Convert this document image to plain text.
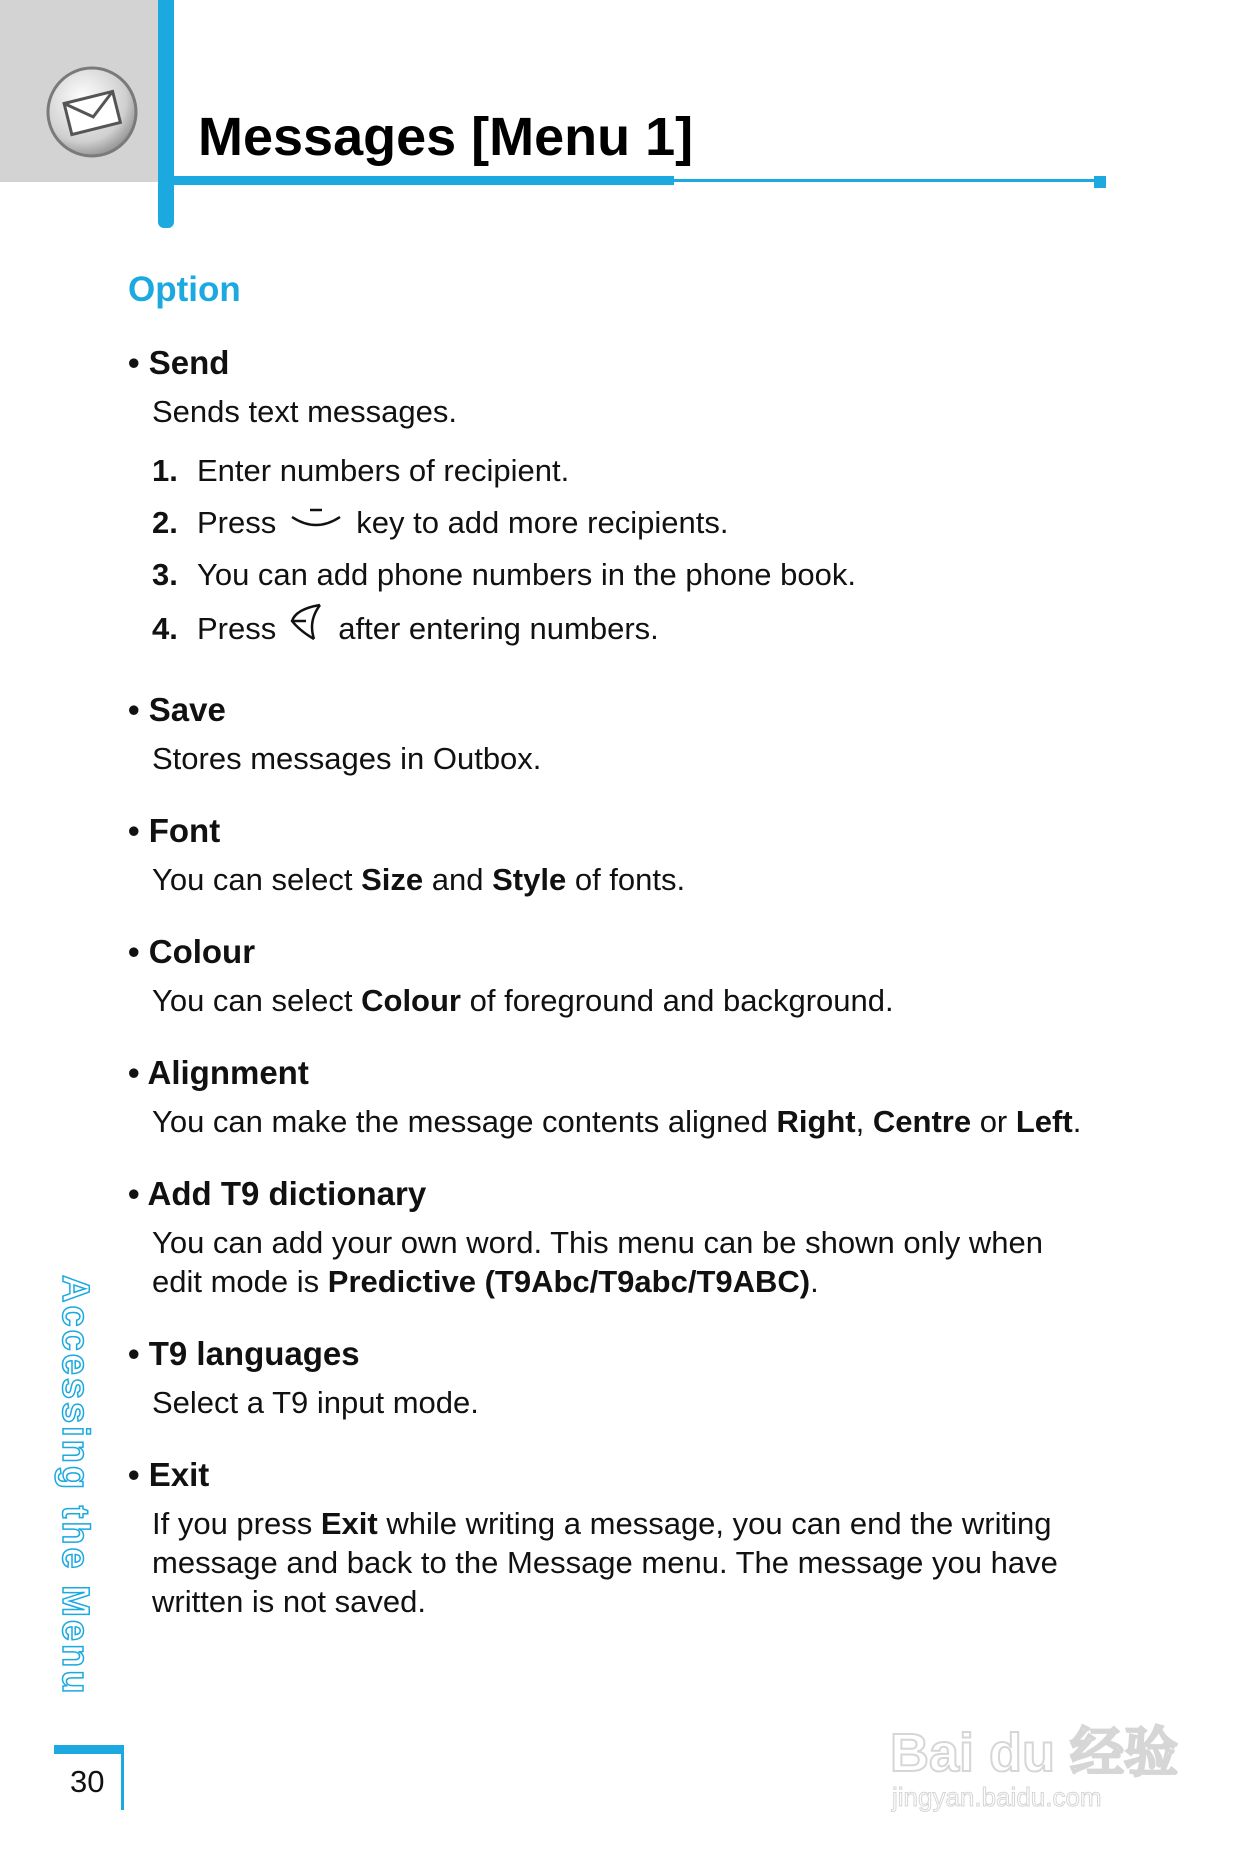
Messages [Menu 1]
Option
• Send
Sends text messages.
1. Enter numbers of recipient.
2. Press	key to add more recipients.
3. You can add phone numbers in the phone book.
4. Press after entering numbers.
• Save
Stores messages in Outbox.
• Font
You can select Size and Style of fonts.
• Colour
You can select Colour of foreground and background.
• Alignment
You can make the message contents aligned Right, Centre or Left.
• Add T9 dictionary
You can add your own word. This menu can be shown only when edit mode is Predictive (T9Abc/T9abc/T9ABC).
• T9 languages
Select a T9 input mode.
• Exit
If you press Exit while writing a message, you can end the writing message and back to the Message menu. The message you have written is not saved.
Accessing the Menu
30	Bai du 经验
jingyan.baidu.com
